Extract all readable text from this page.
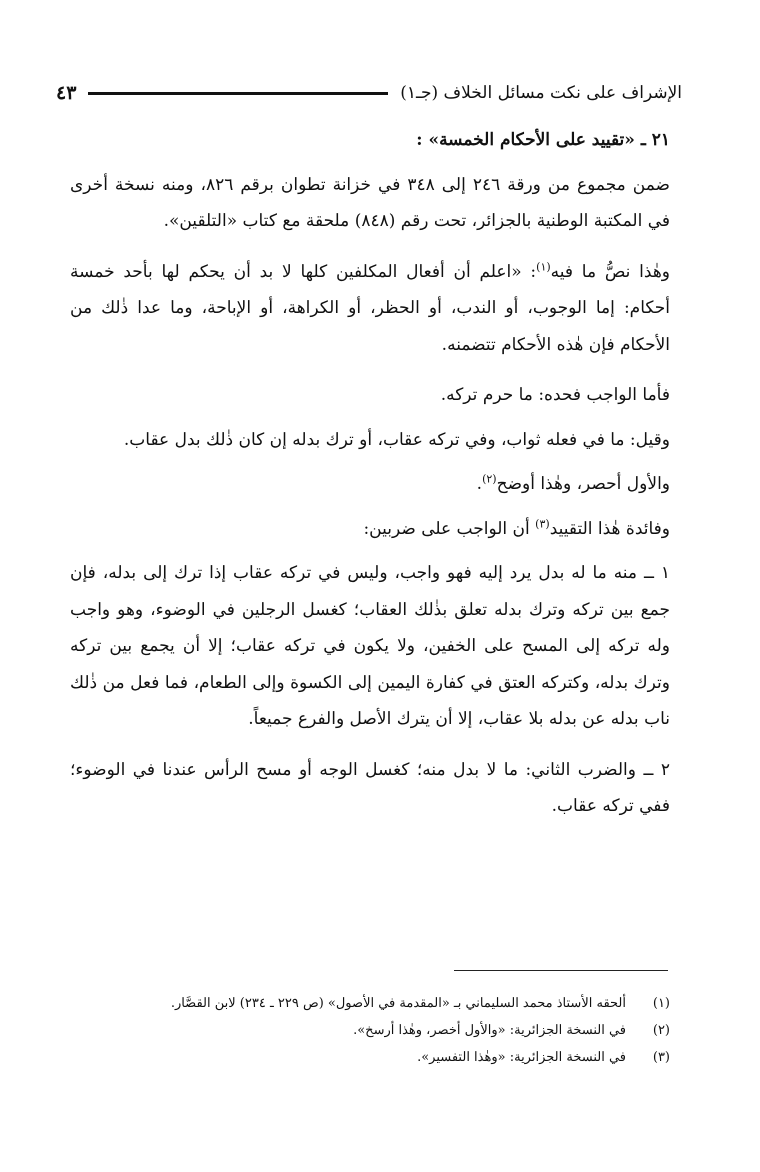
الإشراف على نكت مسائل الخلاف (جـ١)
٤٣

٢١ ـ «تقييد على الأحكام الخمسة» :

ضمن مجموع من ورقة ٢٤٦ إلى ٣٤٨ في خزانة تطوان برقم ٨٢٦، ومنه نسخة أخرى في المكتبة الوطنية بالجزائر، تحت رقم (٨٤٨) ملحقة مع كتاب «التلقين».

وهٰذا نصُّ ما فيه$^{(١)}$: «اعلم أن أفعال المكلفين كلها لا بد أن يحكم لها بأحد خمسة أحكام: إما الوجوب، أو الندب، أو الحظر، أو الكراهة، أو الإباحة، وما عدا ذٰلك من الأحكام فإن هٰذه الأحكام تتضمنه.

فأما الواجب فحده: ما حرم تركه.

وقيل: ما في فعله ثواب، وفي تركه عقاب، أو ترك بدله إن كان ذٰلك بدل عقاب.

والأول أحصر، وهٰذا أوضح$^{(٢)}$.

وفائدة هٰذا التقييد$^{(٣)}$ أن الواجب على ضربين:

١ ــ منه ما له بدل يرد إليه فهو واجب، وليس في تركه عقاب إذا ترك إلى بدله، فإن جمع بين تركه وترك بدله تعلق بذٰلك العقاب؛ كغسل الرجلين في الوضوء، وهو واجب وله تركه إلى المسح على الخفين، ولا يكون في تركه عقاب؛ إلا أن يجمع بين تركه وترك بدله، وكتركه العتق في كفارة اليمين إلى الكسوة وإلى الطعام، فما فعل من ذٰلك ناب بدله عن بدله بلا عقاب، إلا أن يترك الأصل والفرع جميعاً.

٢ ــ والضرب الثاني: ما لا بدل منه؛ كغسل الوجه أو مسح الرأس عندنا في الوضوء؛ ففي تركه عقاب.

(١)
ألحقه الأستاذ محمد السليماني بـ «المقدمة في الأصول» (ص ٢٢٩ ـ ٢٣٤) لابن القصَّار.
(٢)
في النسخة الجزائرية: «والأول أخصر، وهٰذا أرسخ».
(٣)
في النسخة الجزائرية: «وهٰذا التفسير».
